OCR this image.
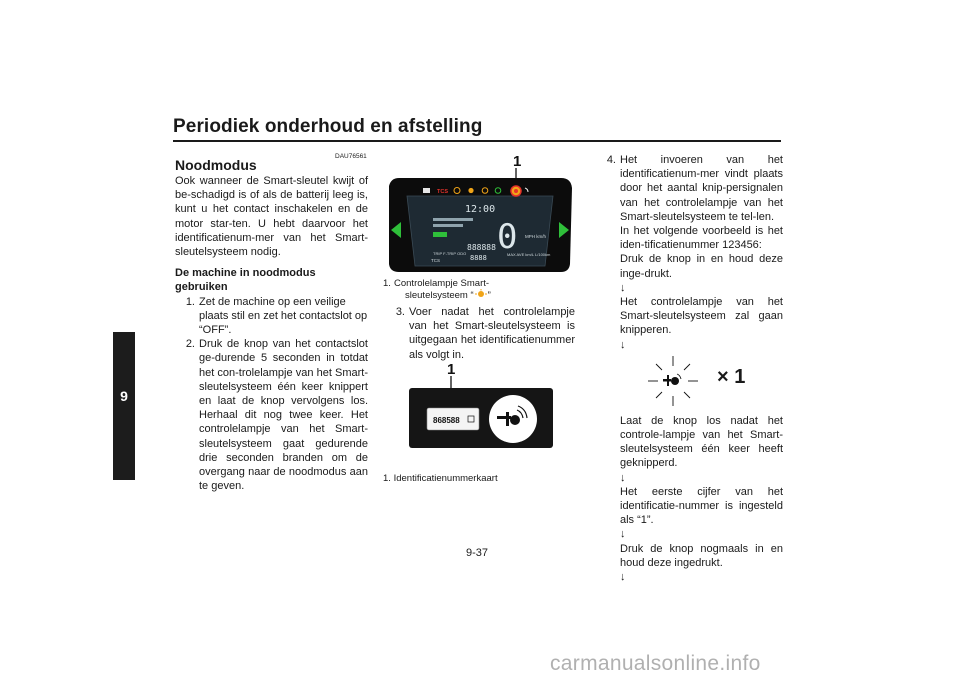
Periodiek onderhoud en afstelling
9
DAU76561
Noodmodus
Ook wanneer de Smart-sleutel kwijt of be-schadigd is of als de batterij leeg is, kunt u het contact inschakelen en de motor star-ten. U hebt daarvoor het identificatienum-mer van het Smart-sleutelsysteem nodig.
De machine in noodmodus gebruiken
1. Zet de machine op een veilige plaats stil en zet het contactslot op “OFF”.
2. Druk de knop van het contactslot ge-durende 5 seconden in totdat het con-trolelampje van het Smart-sleutelsysteem één keer knippert en laat de knop vervolgens los. Herhaal dit nog twee keer. Het controlelampje van het Smart-sleutelsysteem gaat gedurende drie seconden branden om de overgang naar de noodmodus aan te geven.
1
TCS
12:00
0
TRIP F-TRIP ODO
888888
8888
TCS
MAX AVE km/L L/100km
MPH km/h
1. Controlelampje Smart-
sleutelsysteem “ ”
3. Voer nadat het controlelampje van het Smart-sleutelsysteem is uitgegaan het identificatienummer als volgt in.
1
868588
1. Identificatienummerkaart
4. Het invoeren van het identificatienum-mer vindt plaats door het aantal knip-persignalen van het controlelampje van het Smart-sleutelsysteem te tel-len.
In het volgende voorbeeld is het iden-tificatienummer 123456:
Druk de knop in en houd deze inge-drukt.
↓
Het controlelampje van het Smart-sleutelsysteem zal gaan knipperen.
↓
× 1
Laat de knop los nadat het controle-lampje van het Smart-sleutelsysteem één keer heeft geknipperd.
↓
Het eerste cijfer van het identificatie-nummer is ingesteld als “1”.
↓
Druk de knop nogmaals in en houd deze ingedrukt.
↓
9-37
carmanualsonline.info
